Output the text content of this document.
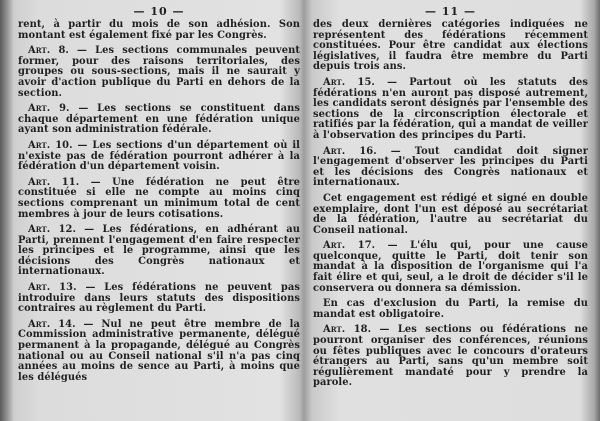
— 10 —

rent, à partir du mois de son adhésion. Son montant est également fixé par les Congrès.

Art. 8. — Les sections communales peuvent former, pour des raisons territoriales, des groupes ou sous-sections, mais il ne saurait y avoir d'action publique du Parti en dehors de la section.

Art. 9. — Les sections se constituent dans chaque département en une fédération unique ayant son administration fédérale.

Art. 10. — Les sections d'un département où il n'existe pas de fédération pourront adhérer à la fédération d'un département voisin.

Art. 11. — Une fédération ne peut être constituée si elle ne compte au moins cinq sections comprenant un minimum total de cent membres à jour de leurs cotisations.

Art. 12. — Les fédérations, en adhérant au Parti, prennent l'engagement d'en faire respecter les principes et le programme, ainsi que les décisions des Congrès nationaux et internationaux.

Art. 13. — Les fédérations ne peuvent pas introduire dans leurs statuts des dispositions contraires au règlement du Parti.

Art. 14. — Nul ne peut être membre de la Commission administrative permanente, délégué permanent à la propagande, délégué au Congrès national ou au Conseil national s'il n'a pas cinq années au moins de sence au Parti, à moins que les délégués

— 11 —

des deux dernières catégories indiquées ne représentent des fédérations récemment constituées. Pour être candidat aux élections législatives, il faudra être membre du Parti depuis trois ans.

Art. 15. — Partout où les statuts des fédérations n'en auront pas disposé autrement, les candidats seront désignés par l'ensemble des sections de la circonscription électorale et ratifiés par la fédération, qui a mandat de veiller à l'observation des principes du Parti.

Art. 16. — Tout candidat doit signer l'engagement d'observer les principes du Parti et les décisions des Congrès nationaux et internationaux.

Cet engagement est rédigé et signé en double exemplaire, dont l'un est déposé au secrétariat de la fédération, l'autre au secrétariat du Conseil national.

Art. 17. — L'élu qui, pour une cause quelconque, quitte le Parti, doit tenir son mandat à la disposition de l'organisme qui l'a fait élire et qui, seul, a le droit de décider s'il le conservera ou donnera sa démission.

En cas d'exclusion du Parti, la remise du mandat est obligatoire.

Art. 18. — Les sections ou fédérations ne pourront organiser des conférences, réunions ou fêtes publiques avec le concours d'orateurs étrangers au Parti, sans qu'un membre soit régulièrement mandaté pour y prendre la parole.
